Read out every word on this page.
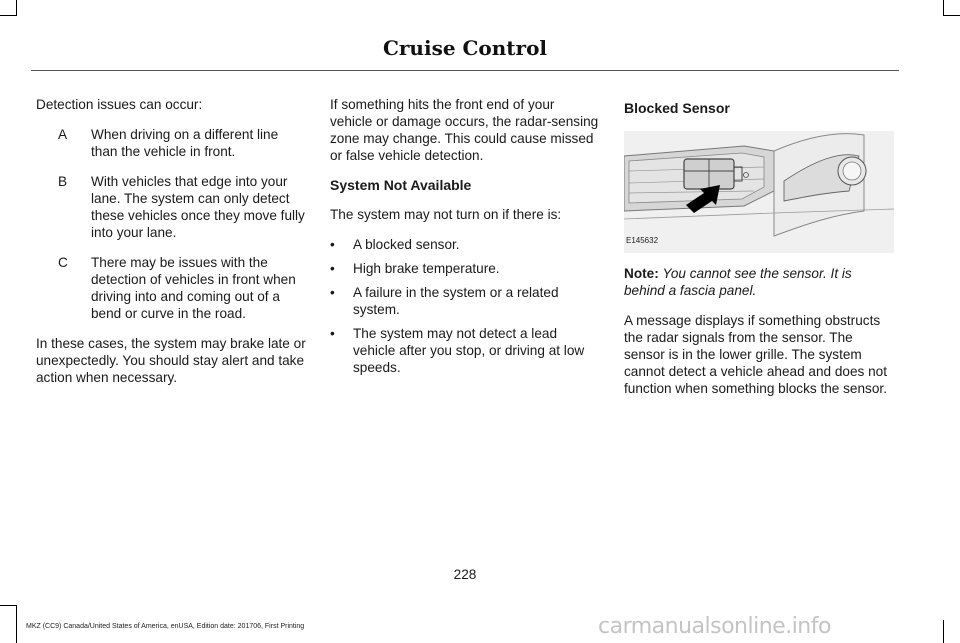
Cruise Control

Detection issues can occur:

A When driving on a different line than the vehicle in front.
B With vehicles that edge into your lane. The system can only detect these vehicles once they move fully into your lane.
C There may be issues with the detection of vehicles in front when driving into and coming out of a bend or curve in the road.

In these cases, the system may brake late or unexpectedly. You should stay alert and take action when necessary.

If something hits the front end of your vehicle or damage occurs, the radar-sensing zone may change. This could cause missed or false vehicle detection.

System Not Available

The system may not turn on if there is:

• A blocked sensor.
• High brake temperature.
• A failure in the system or a related system.
• The system may not detect a lead vehicle after you stop, or driving at low speeds.
Blocked Sensor
E145632

Note: You cannot see the sensor. It is behind a fascia panel.

A message displays if something obstructs the radar signals from the sensor. The sensor is in the lower grille. The system cannot detect a vehicle ahead and does not function when something blocks the sensor.

228
MKZ (CC9) Canada/United States of America, enUSA, Edition date: 201706, First Printing	carmanualsonline.info
